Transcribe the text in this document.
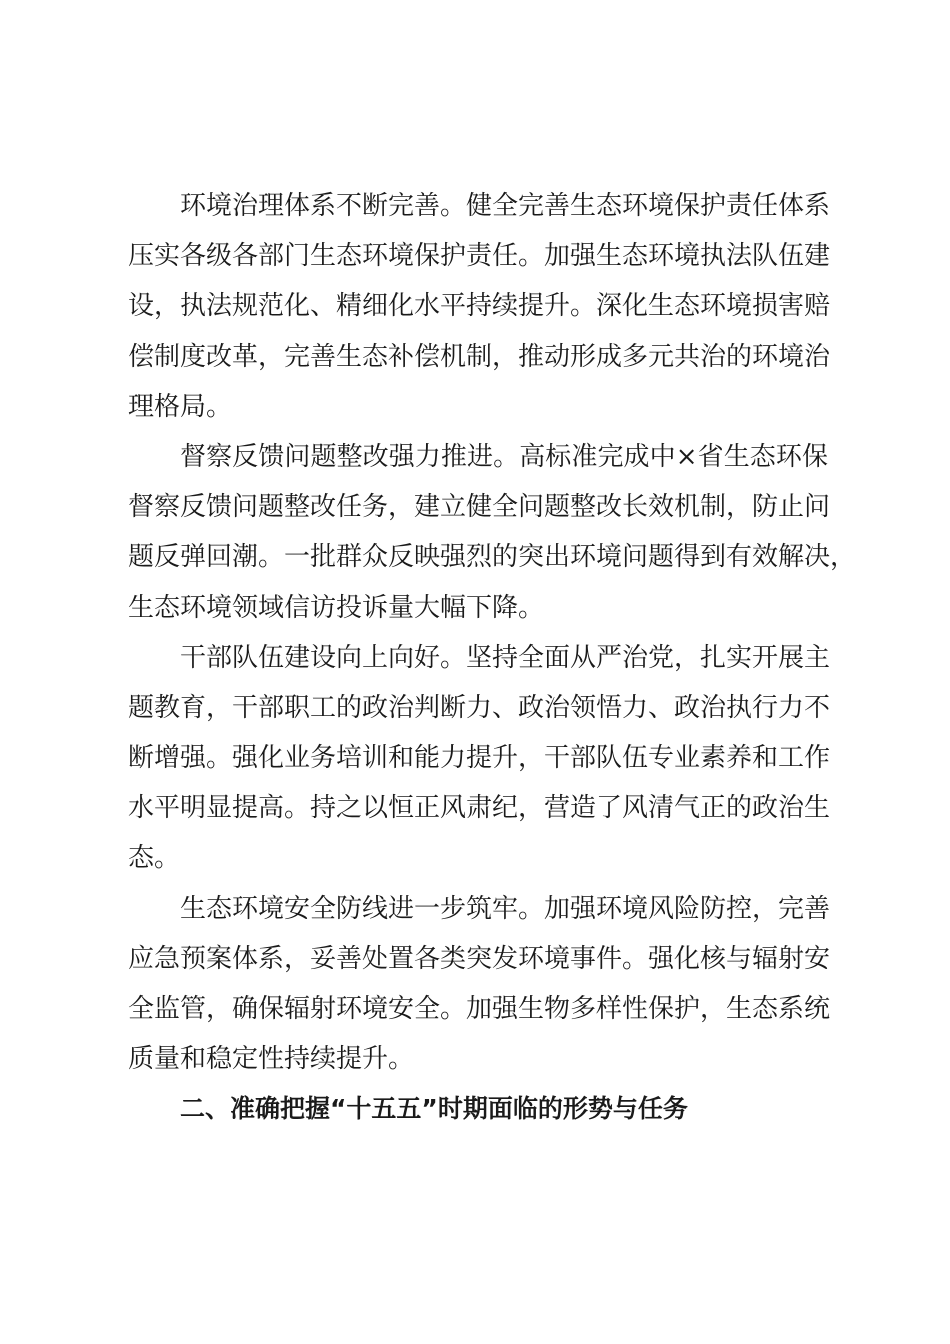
环境治理体系不断完善。健全完善生态环境保护责任体系
压实各级各部门生态环境保护责任。加强生态环境执法队伍建
设，执法规范化、精细化水平持续提升。深化生态环境损害赔
偿制度改革，完善生态补偿机制，推动形成多元共治的环境治
理格局。
督察反馈问题整改强力推进。高标准完成中×省生态环保
督察反馈问题整改任务，建立健全问题整改长效机制，防止问
题反弹回潮。一批群众反映强烈的突出环境问题得到有效解决，
生态环境领域信访投诉量大幅下降。
干部队伍建设向上向好。坚持全面从严治党，扎实开展主
题教育，干部职工的政治判断力、政治领悟力、政治执行力不
断增强。强化业务培训和能力提升，干部队伍专业素养和工作
水平明显提高。持之以恒正风肃纪，营造了风清气正的政治生
态。
生态环境安全防线进一步筑牢。加强环境风险防控，完善
应急预案体系，妥善处置各类突发环境事件。强化核与辐射安
全监管，确保辐射环境安全。加强生物多样性保护，生态系统
质量和稳定性持续提升。
二、准确把握“十五五”时期面临的形势与任务
